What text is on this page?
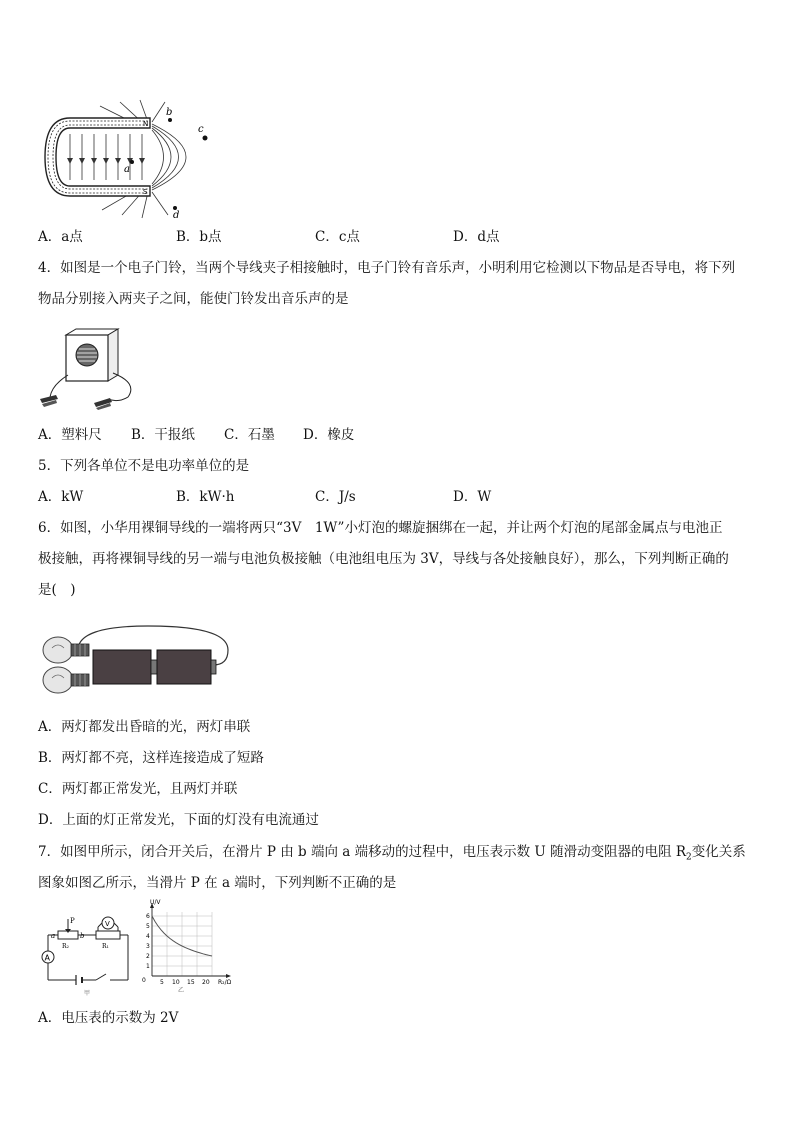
b
c
a
d
N
S
A．a点	B．b点	C．c点	D．d点
4．如图是一个电子门铃，当两个导线夹子相接触时，电子门铃有音乐声，小明利用它检测以下物品是否导电，将下列
物品分别接入两夹子之间，能使门铃发出音乐声的是
A．塑料尺 B．干报纸 C．石墨 D．橡皮
5．下列各单位不是电功率单位的是
A．kW	B．kW·h	C．J/s	D．W
6．如图，小华用裸铜导线的一端将两只“3V　1W”小灯泡的螺旋捆绑在一起，并让两个灯泡的尾部金属点与电池正
极接触，再将裸铜导线的另一端与电池负极接触（电池组电压为 3V，导线与各处接触良好），那么，下列判断正确的
是(　)
A．两灯都发出昏暗的光，两灯串联
B．两灯都不亮，这样连接造成了短路
C．两灯都正常发光，且两灯并联
D．上面的灯正常发光，下面的灯没有电流通过
7．如图甲所示，闭合开关后，在滑片 P 由 b 端向 a 端移动的过程中，电压表示数 U 随滑动变阻器的电阻 $R_2$变化关系
图象如图乙所示，当滑片 P 在 a 端时，下列判断不正确的是
A
V
P
a	b
R₂	R₁
甲
U/V
R₂/Ω
6
5
4
3
2
1
0 5 10 15 20
乙
A．电压表的示数为 2V
